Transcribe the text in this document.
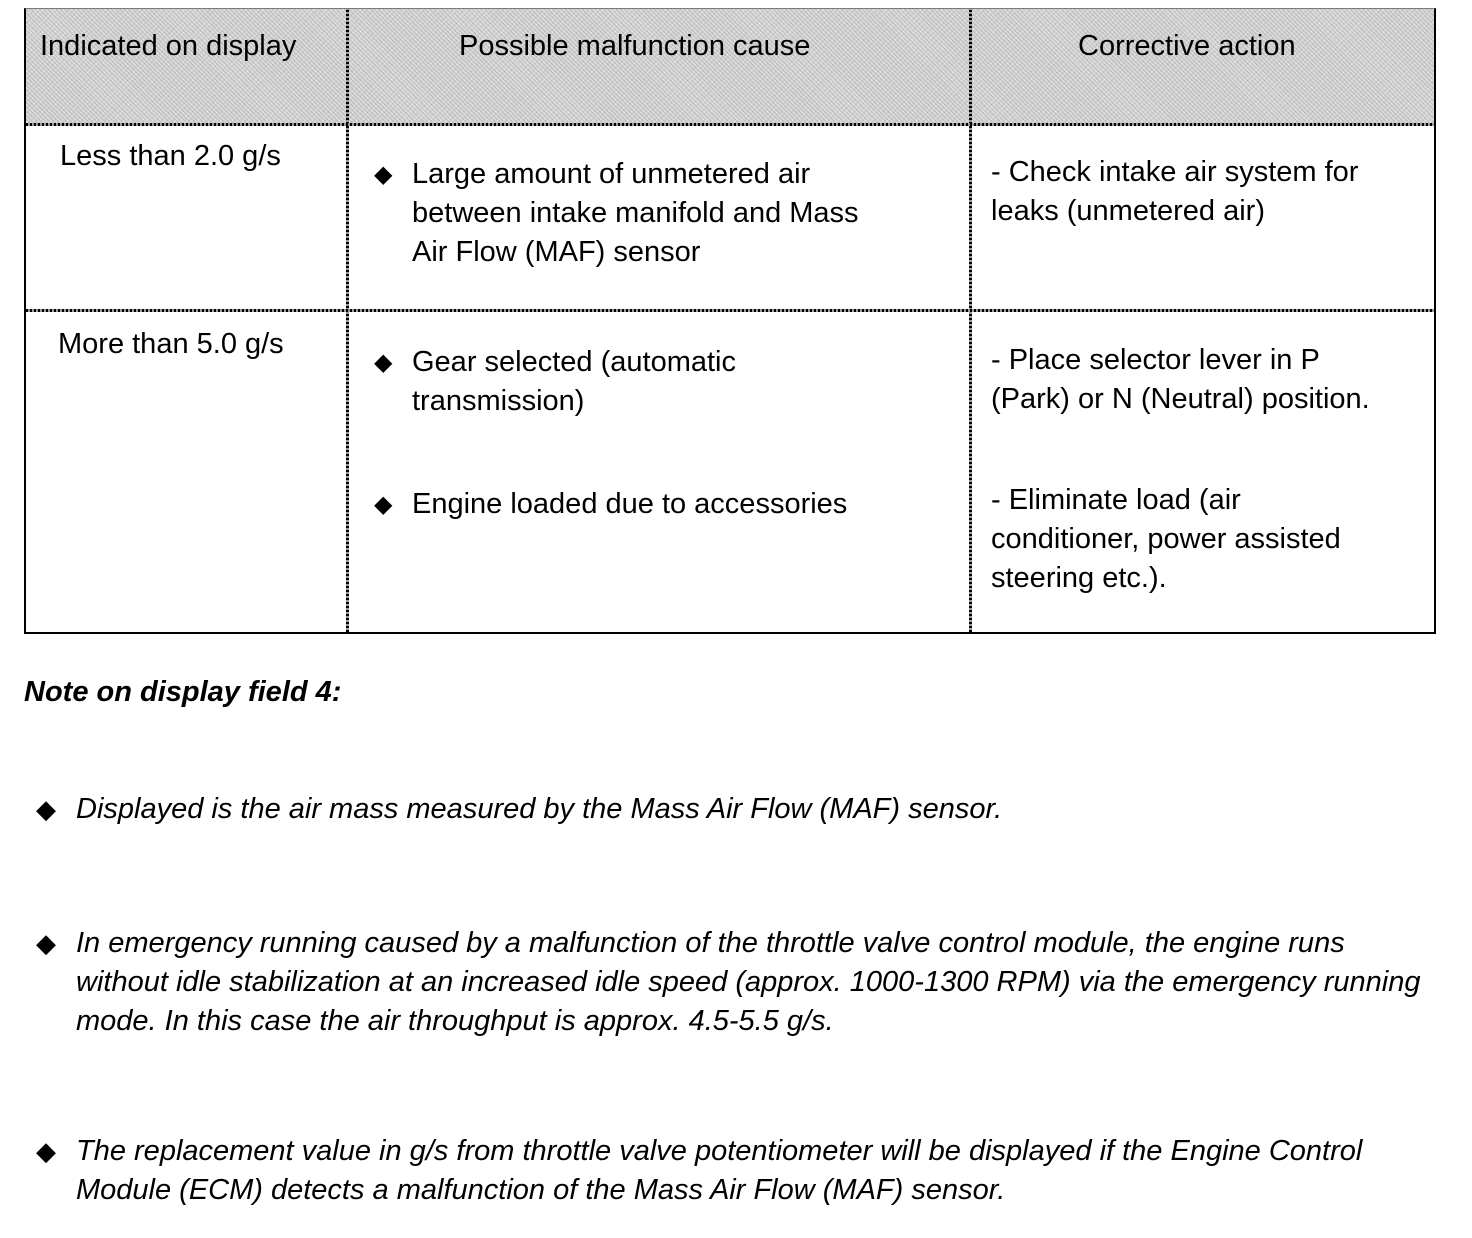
Indicated on display	Possible malfunction cause	Corrective action
Less than 2.0 g/s
◆ Large amount of unmetered air
between intake manifold and Mass
Air Flow (MAF) sensor
- Check intake air system for
leaks (unmetered air)
More than 5.0 g/s
◆ Gear selected (automatic
transmission)
◆ Engine loaded due to accessories
- Place selector lever in P
(Park) or N (Neutral) position.
- Eliminate load (air
conditioner, power assisted
steering etc.).
Note on display field 4:
◆ Displayed is the air mass measured by the Mass Air Flow (MAF) sensor.
◆ In emergency running caused by a malfunction of the throttle valve control module, the engine runs without idle stabilization at an increased idle speed (approx. 1000-1300 RPM) via the emergency running mode. In this case the air throughput is approx. 4.5-5.5 g/s.
◆ The replacement value in g/s from throttle valve potentiometer will be displayed if the Engine Control Module (ECM) detects a malfunction of the Mass Air Flow (MAF) sensor.
